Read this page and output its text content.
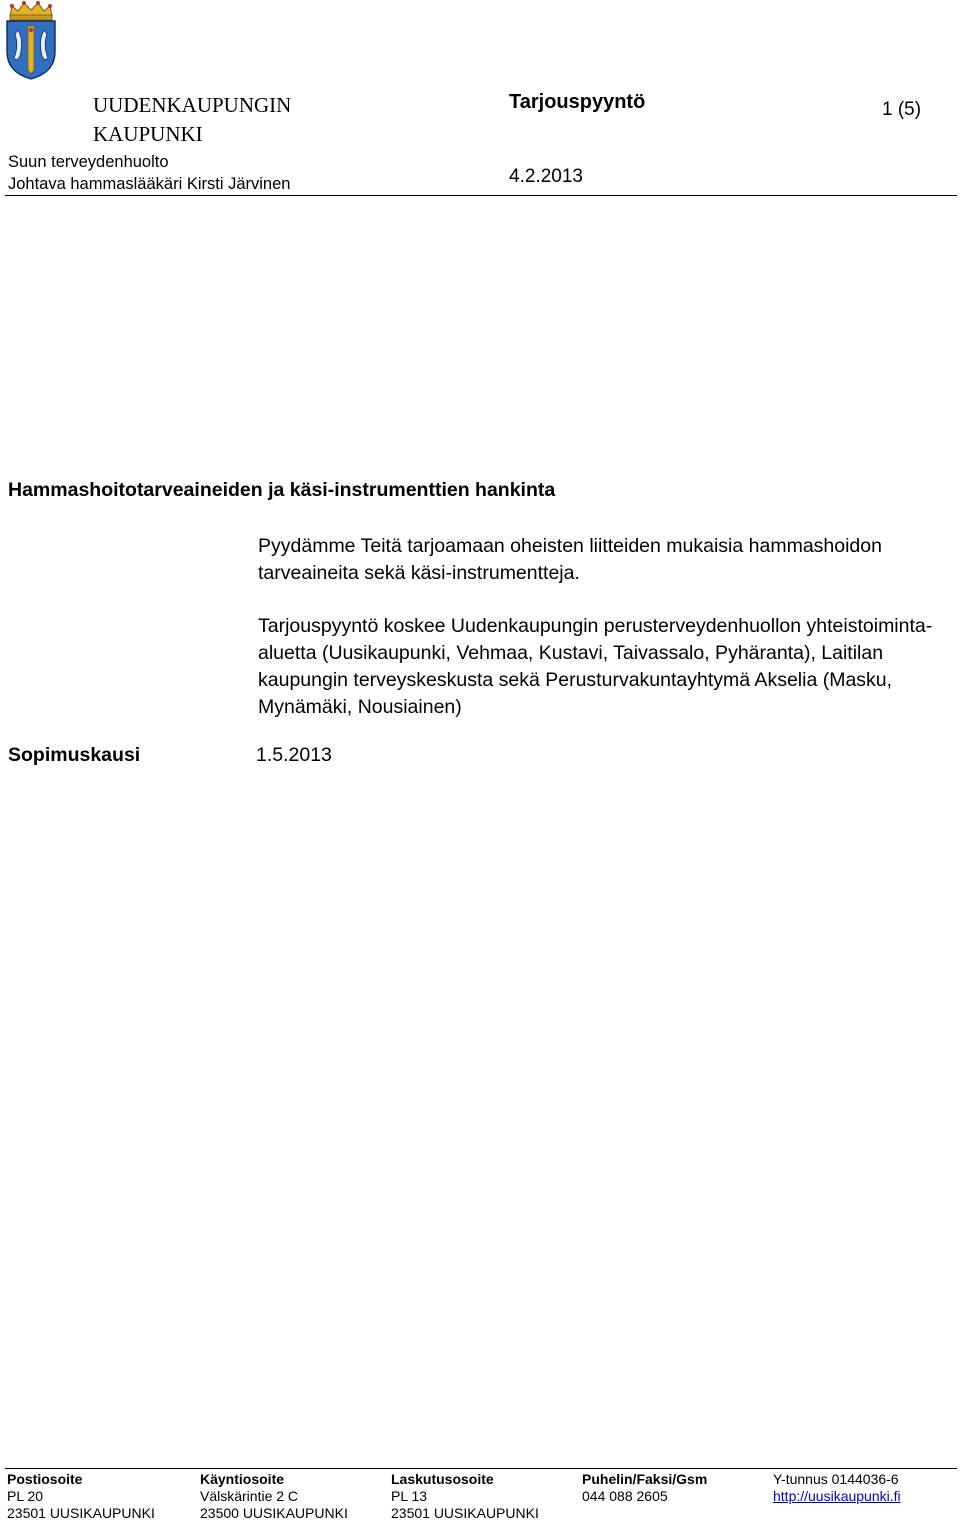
UUDENKAUPUNGIN
KAUPUNKI
Suun terveydenhuolto
Johtava hammaslääkäri Kirsti Järvinen
Tarjouspyyntö
4.2.2013
1 (5)
Hammashoitotarveaineiden ja käsi-instrumenttien hankinta

Pyydämme Teitä tarjoamaan oheisten liitteiden mukaisia hammashoidon tarveaineita sekä käsi-instrumentteja.

Tarjouspyyntö koskee Uudenkaupungin perusterveydenhuollon yhteistoiminta-aluetta (Uusikaupunki, Vehmaa, Kustavi, Taivassalo, Pyhäranta), Laitilan kaupungin terveyskeskusta sekä Perusturvakuntayhtymä Akselia (Masku, Mynämäki, Nousiainen)

Sopimuskausi	1.5.2013
Postiosoite
PL 20
23501 UUSIKAUPUNKI
Käyntiosoite
Välskärintie 2 C
23500 UUSIKAUPUNKI
Laskutusosoite
PL 13
23501 UUSIKAUPUNKI
Puhelin/Faksi/Gsm
044 088 2605
Y-tunnus 0144036-6
http://uusikaupunki.fi
